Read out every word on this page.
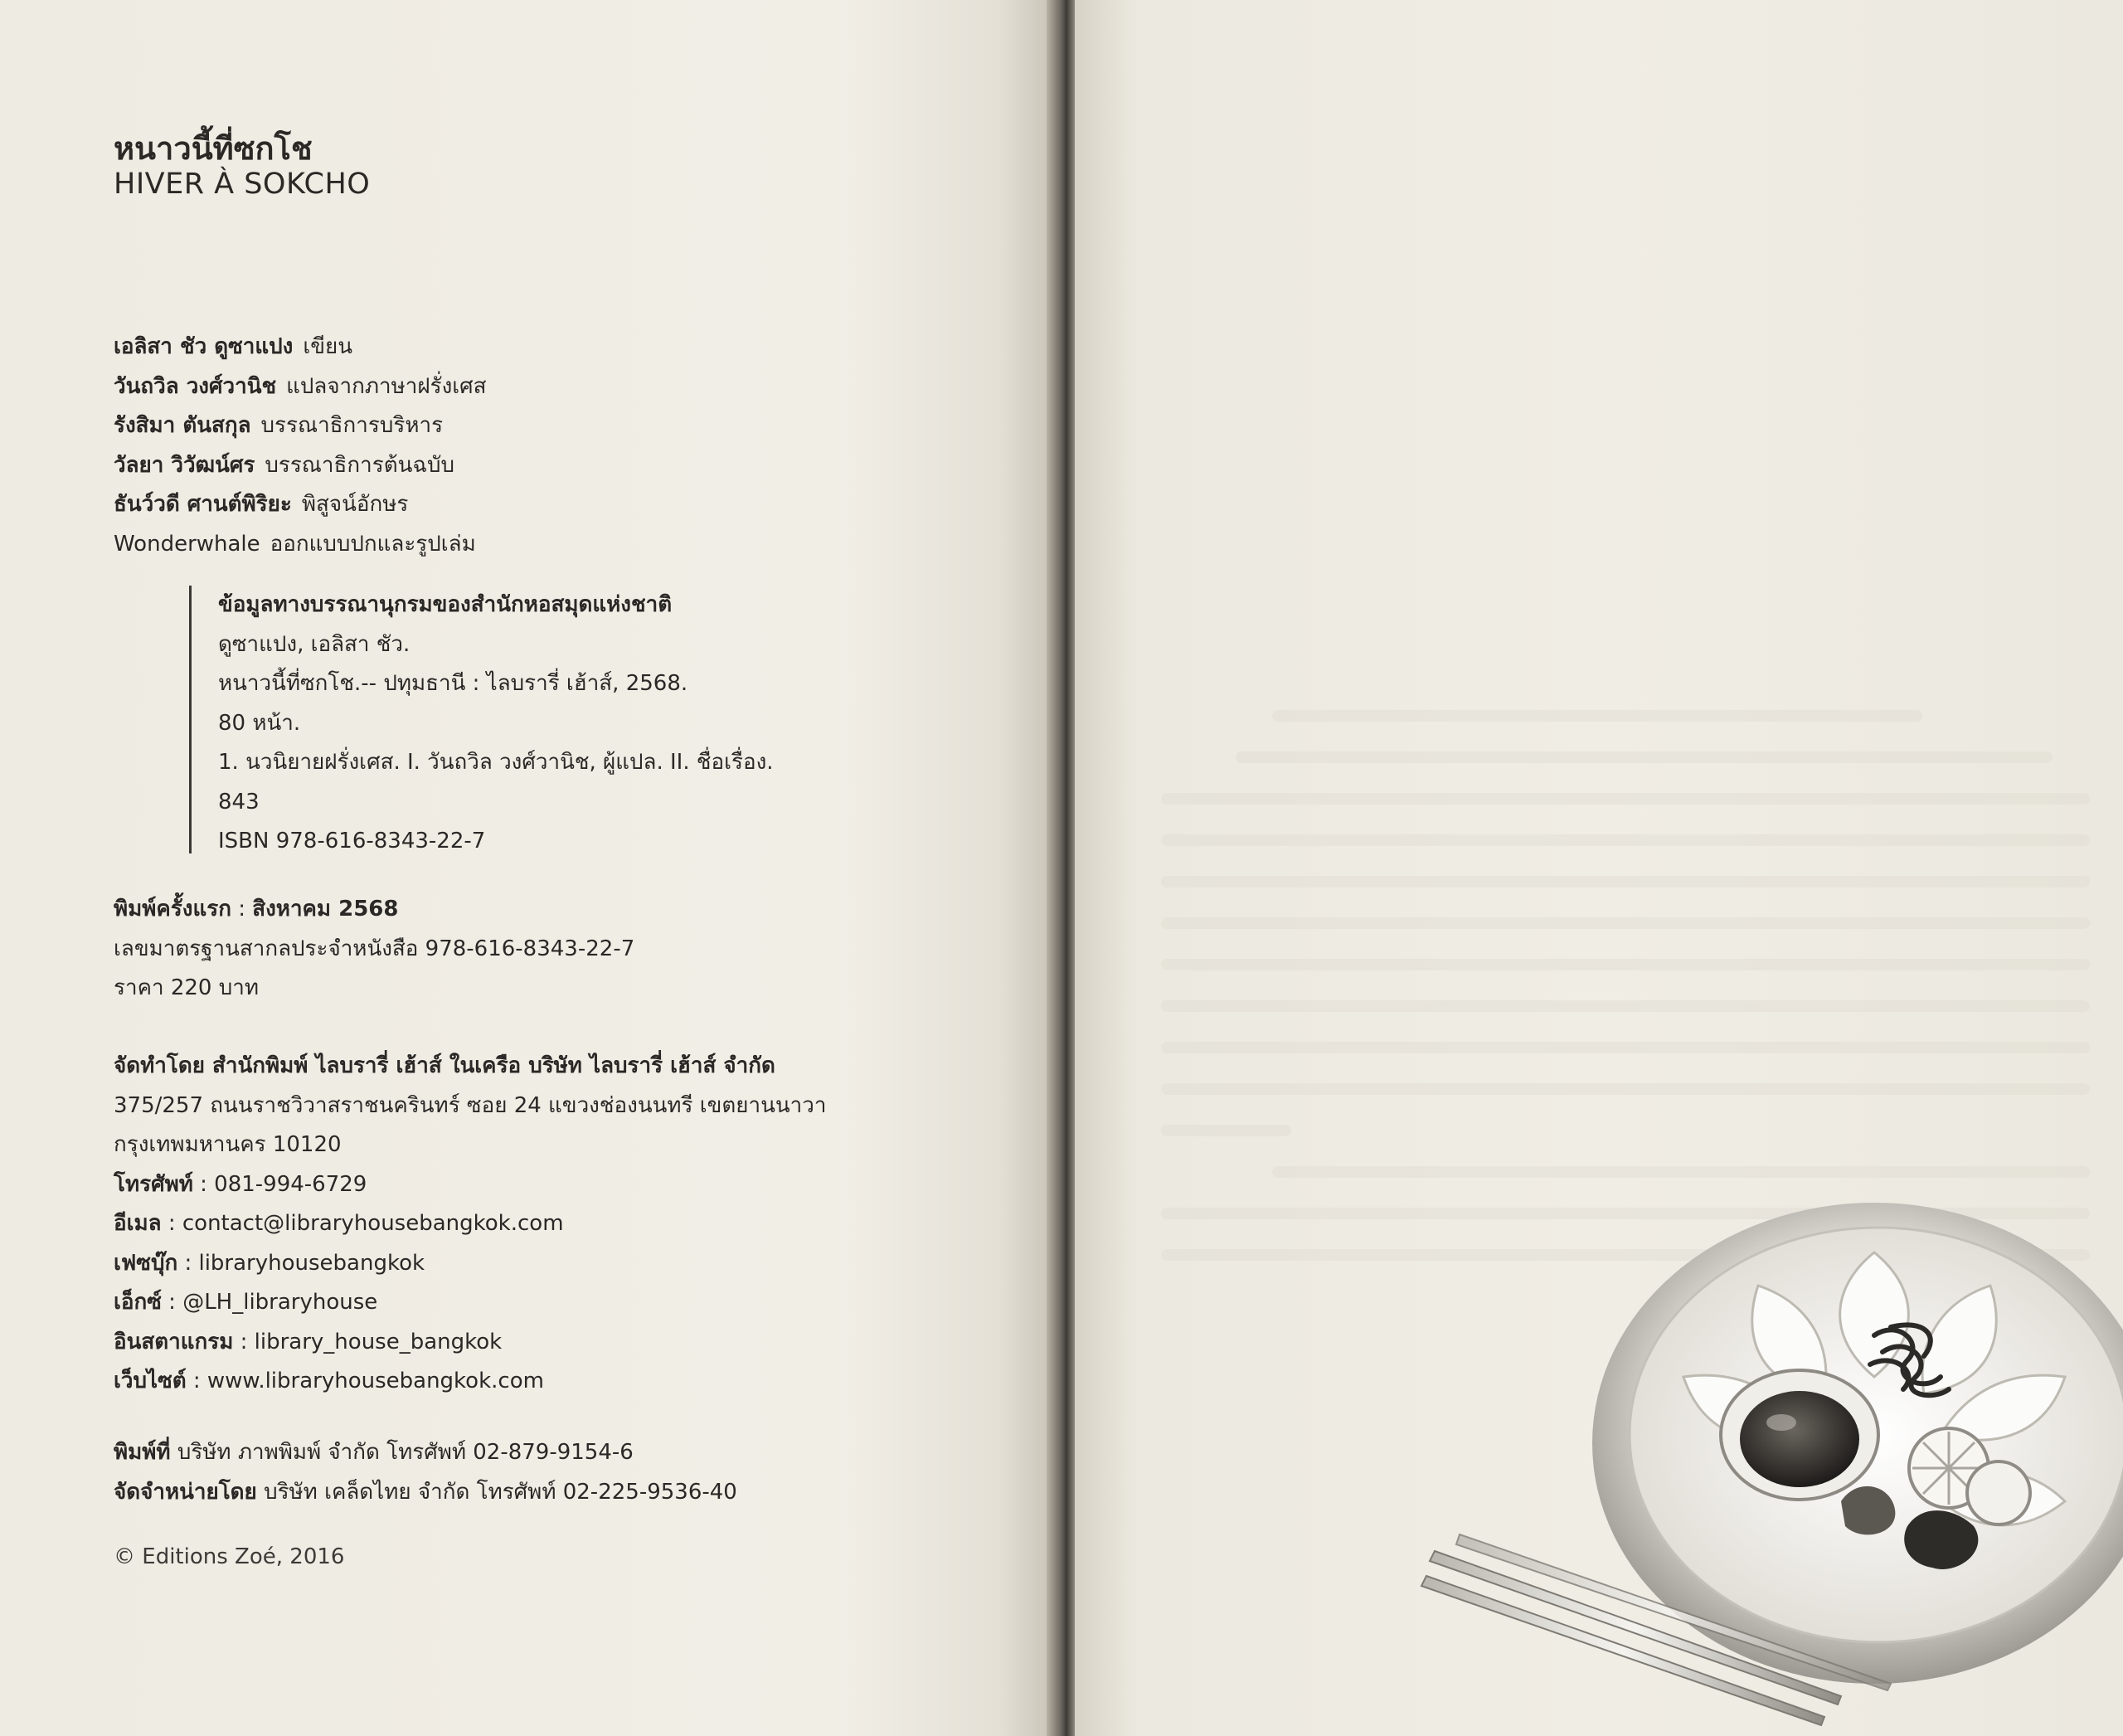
หนาวนี้ที่ซกโช
HIVER À SOKCHO
เอลิสา ชัว ดูซาแปง เขียน
วันถวิล วงศ์วานิช แปลจากภาษาฝรั่งเศส
รังสิมา ตันสกุล บรรณาธิการบริหาร
วัลยา วิวัฒน์ศร บรรณาธิการต้นฉบับ
ธันว์วดี ศานต์พิริยะ พิสูจน์อักษร
Wonderwhale ออกแบบปกและรูปเล่ม
ข้อมูลทางบรรณานุกรมของสำนักหอสมุดแห่งชาติ
ดูซาแปง, เอลิสา ชัว.
หนาวนี้ที่ซกโช.-- ปทุมธานี : ไลบรารี่ เฮ้าส์, 2568.
80 หน้า.
1. นวนิยายฝรั่งเศส. I. วันถวิล วงศ์วานิช, ผู้แปล. II. ชื่อเรื่อง.
843
ISBN 978-616-8343-22-7
พิมพ์ครั้งแรก : สิงหาคม 2568
เลขมาตรฐานสากลประจำหนังสือ 978-616-8343-22-7
ราคา 220 บาท
จัดทำโดย สำนักพิมพ์ ไลบรารี่ เฮ้าส์ ในเครือ บริษัท ไลบรารี่ เฮ้าส์ จำกัด
375/257 ถนนราชวิวาสราชนครินทร์ ซอย 24 แขวงช่องนนทรี เขตยานนาวา
กรุงเทพมหานคร 10120
โทรศัพท์ : 081-994-6729
อีเมล : contact@libraryhousebangkok.com
เฟซบุ๊ก : libraryhousebangkok
เอ็กซ์ : @LH_libraryhouse
อินสตาแกรม : library_house_bangkok
เว็บไซต์ : www.libraryhousebangkok.com
พิมพ์ที่ บริษัท ภาพพิมพ์ จำกัด โทรศัพท์ 02-879-9154-6
จัดจำหน่ายโดย บริษัท เคล็ดไทย จำกัด โทรศัพท์ 02-225-9536-40
© Editions Zoé, 2016
